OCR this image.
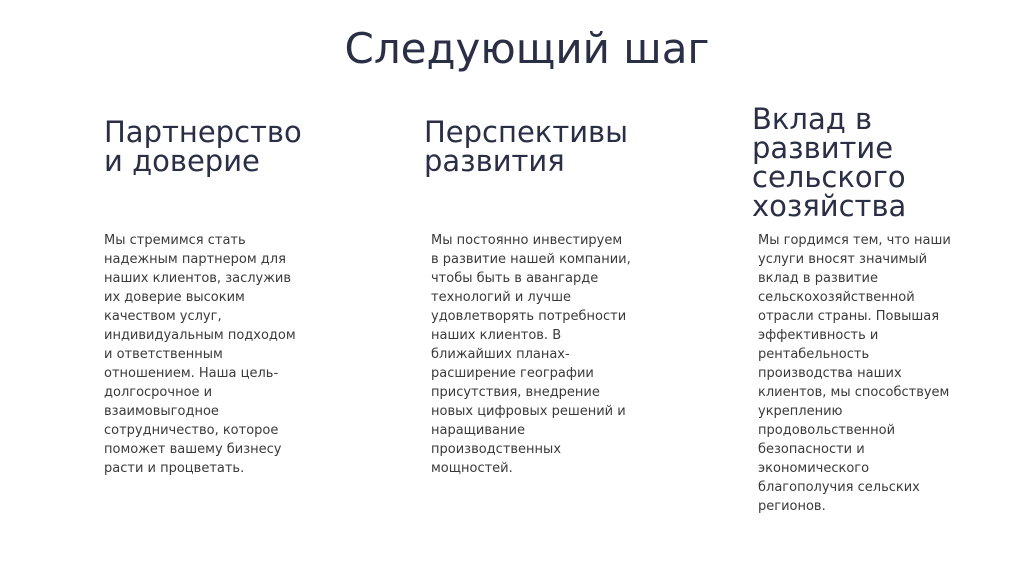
Следующий шаг
Партнерство
и доверие

Мы стремимся стать
надежным партнером для
наших клиентов, заслужив
их доверие высоким
качеством услуг,
индивидуальным подходом
и ответственным
отношением. Наша цель-
долгосрочное и
взаимовыгодное
сотрудничество, которое
поможет вашему бизнесу
расти и процветать.

Перспективы
развития

Мы постоянно инвестируем
в развитие нашей компании,
чтобы быть в авангарде
технологий и лучше
удовлетворять потребности
наших клиентов. В
ближайших планах-
расширение географии
присутствия, внедрение
новых цифровых решений и
наращивание
производственных
мощностей.

Вклад в
развитие
сельского
хозяйства

Мы гордимся тем, что наши
услуги вносят значимый
вклад в развитие
сельскохозяйственной
отрасли страны. Повышая
эффективность и
рентабельность
производства наших
клиентов, мы способствуем
укреплению
продовольственной
безопасности и
экономического
благополучия сельских
регионов.
